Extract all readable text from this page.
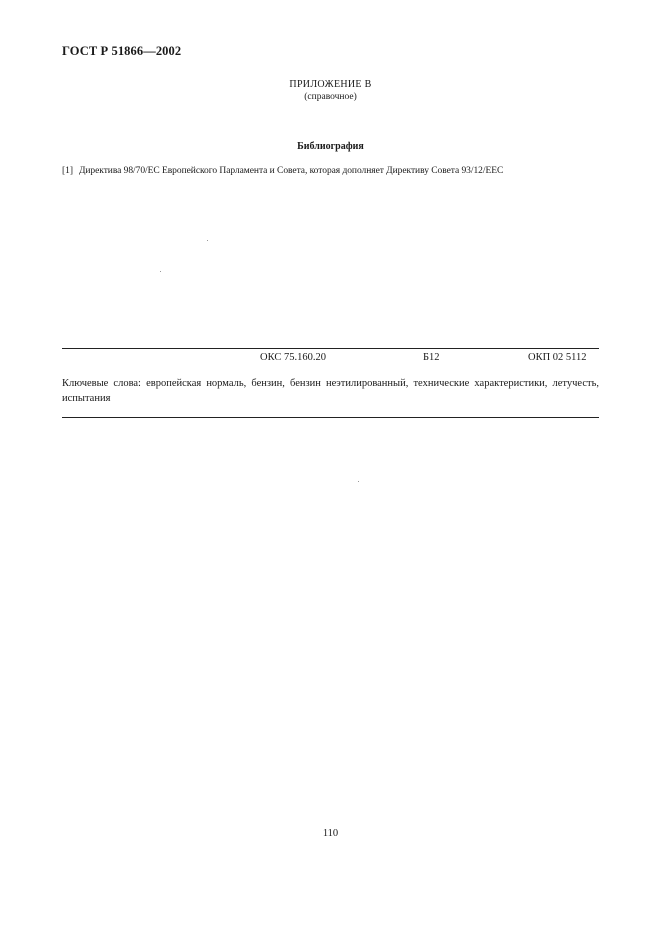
ГОСТ Р 51866—2002
ПРИЛОЖЕНИЕ В
(справочное)
Библиография
[1] Директива 98/70/ЕС Европейского Парламента и Совета, которая дополняет Директиву Совета 93/12/ЕЕС
ОКС 75.160.20	Б12	ОКП 02 5112
Ключевые слова: европейская нормаль, бензин, бензин неэтилированный, технические характеристики, летучесть, испытания
110
